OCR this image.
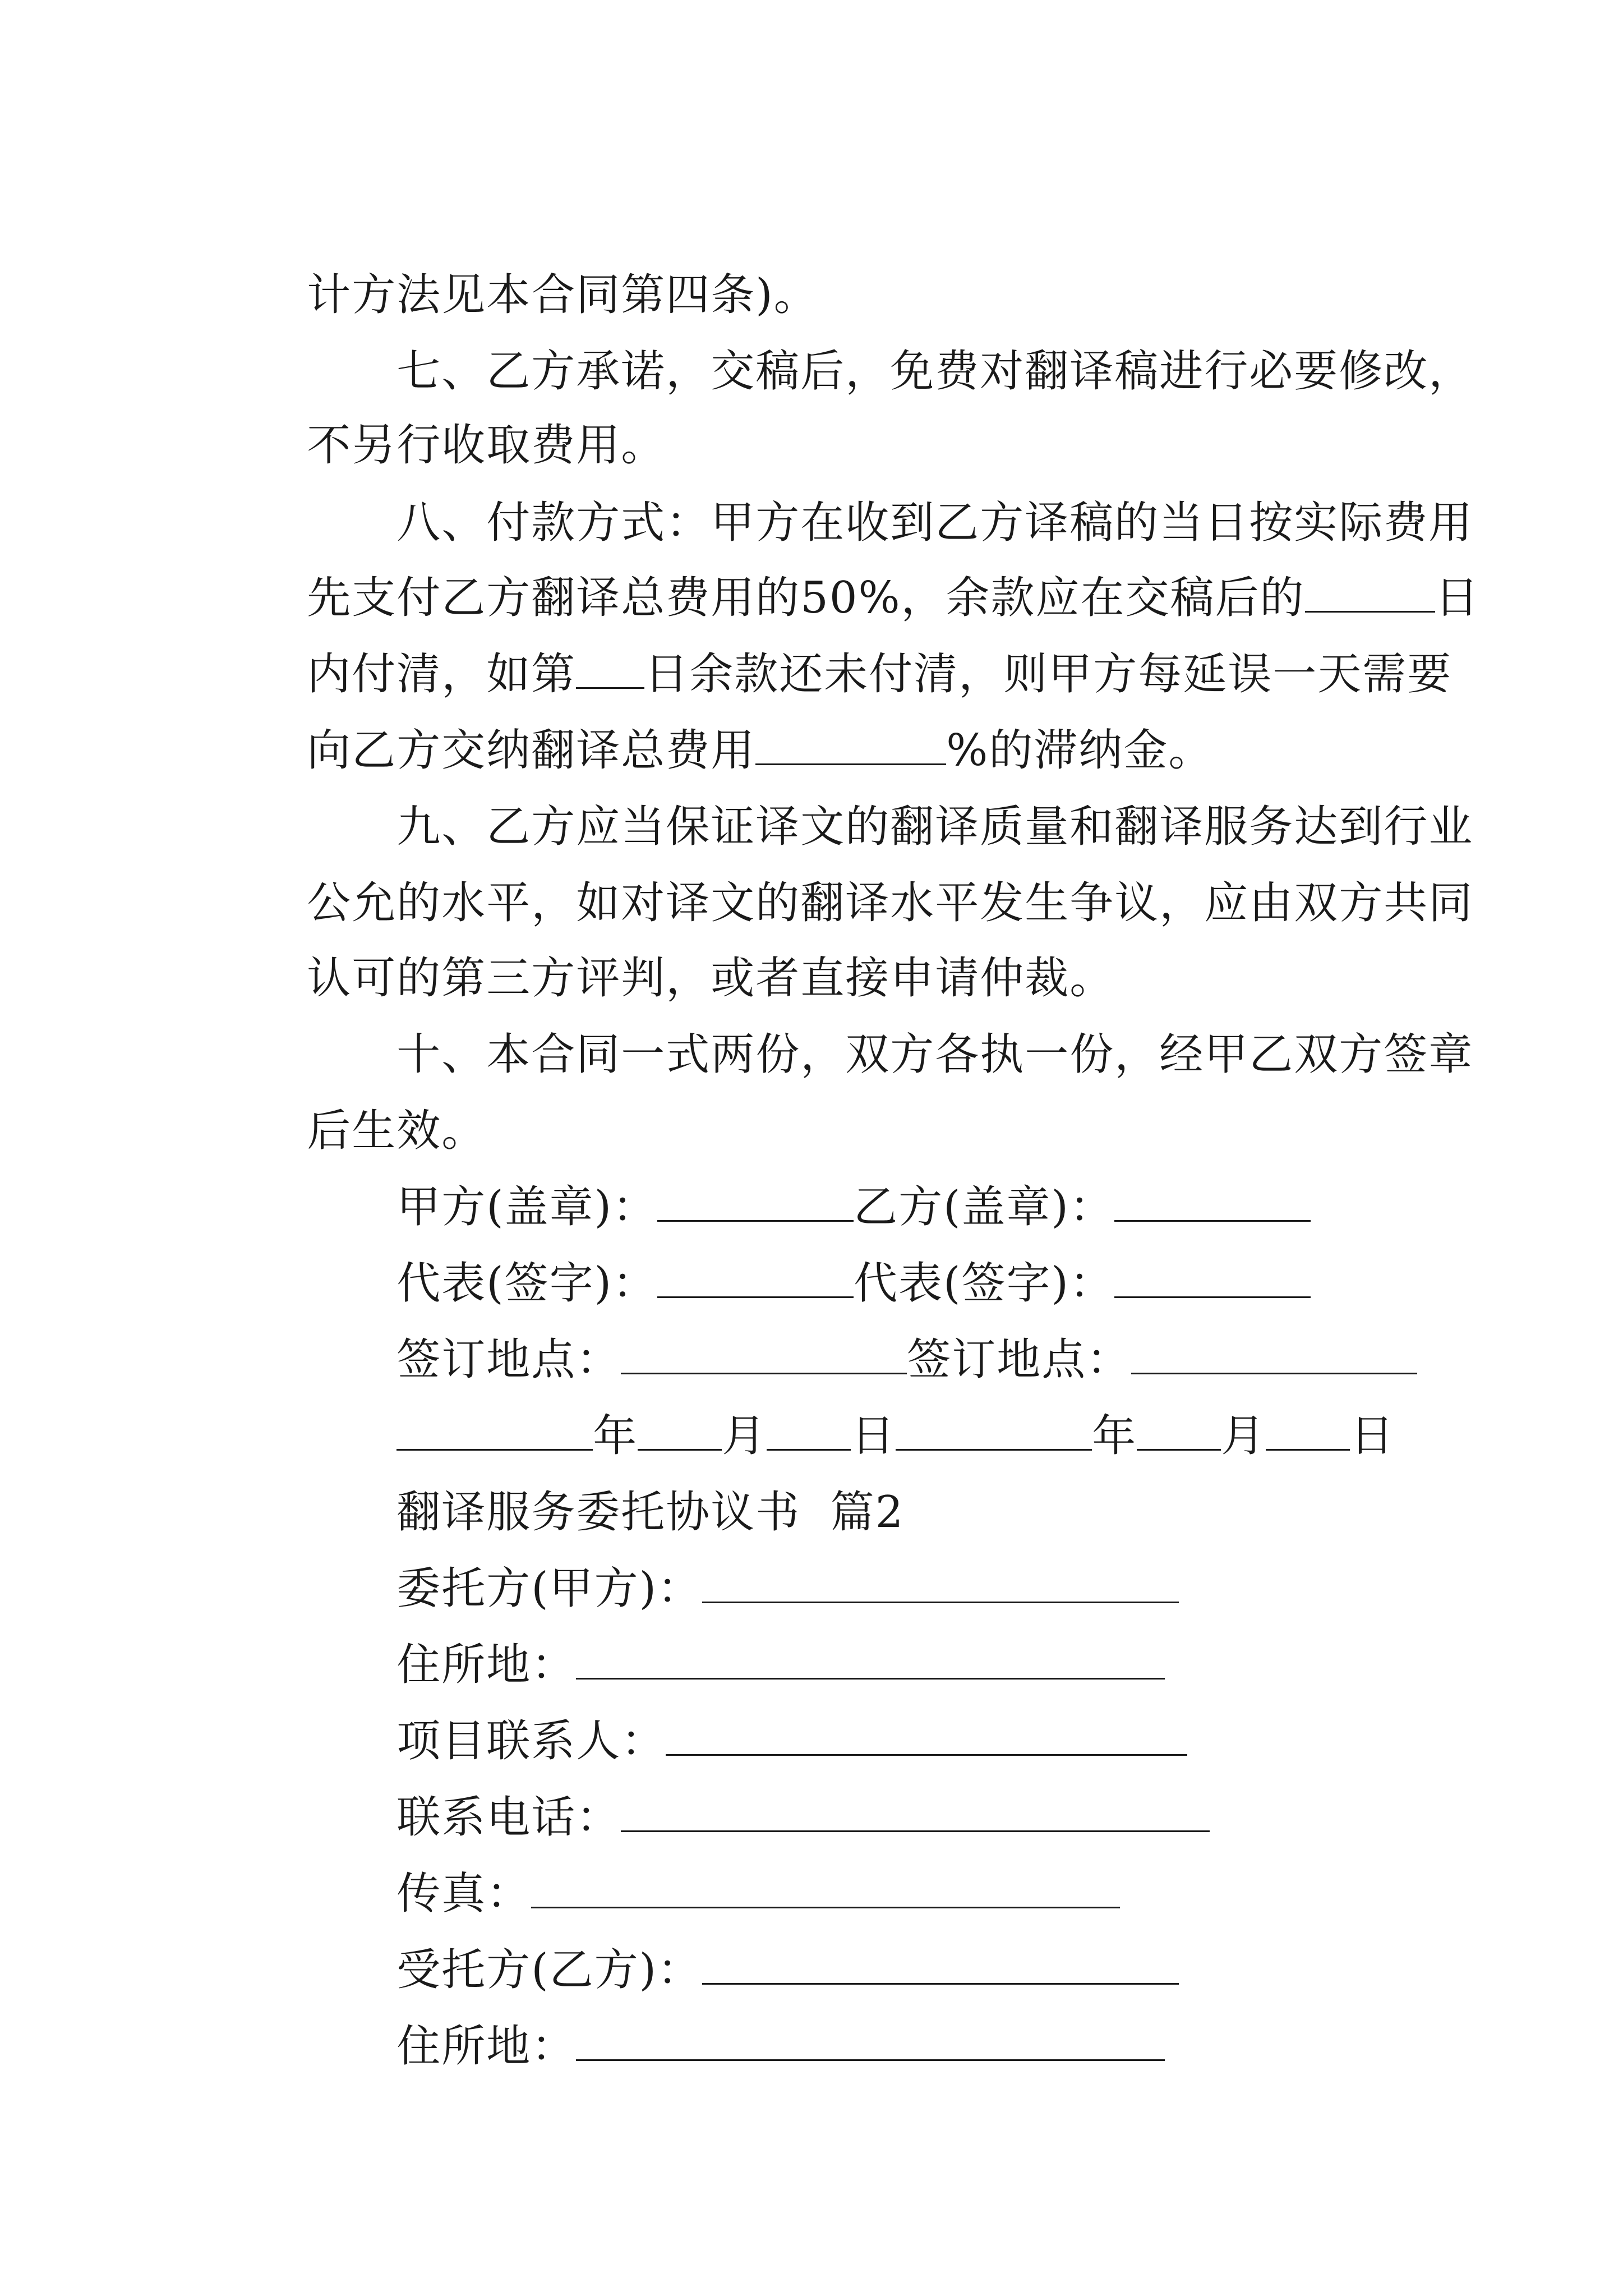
计方法见本合同第四条)。

七、乙方承诺，交稿后，免费对翻译稿进行必要修改，

不另行收取费用。

八、付款方式：甲方在收到乙方译稿的当日按实际费用

先支付乙方翻译总费用的50%，余款应在交稿后的	日

内付清，如第 日余款还未付清，则甲方每延误一天需要

向乙方交纳翻译总费用	%的滞纳金。

九、乙方应当保证译文的翻译质量和翻译服务达到行业

公允的水平，如对译文的翻译水平发生争议，应由双方共同

认可的第三方评判，或者直接申请仲裁。

十、本合同一式两份，双方各执一份，经甲乙双方签章

后生效。

甲方(盖章)：	乙方(盖章)：

代表(签字)：	代表(签字)：

签订地点：	签订地点：

年 月 日	年 月 日

翻译服务委托协议书  篇2

委托方(甲方)：

住所地：

项目联系人：

联系电话：

传真：

受托方(乙方)：

住所地：
